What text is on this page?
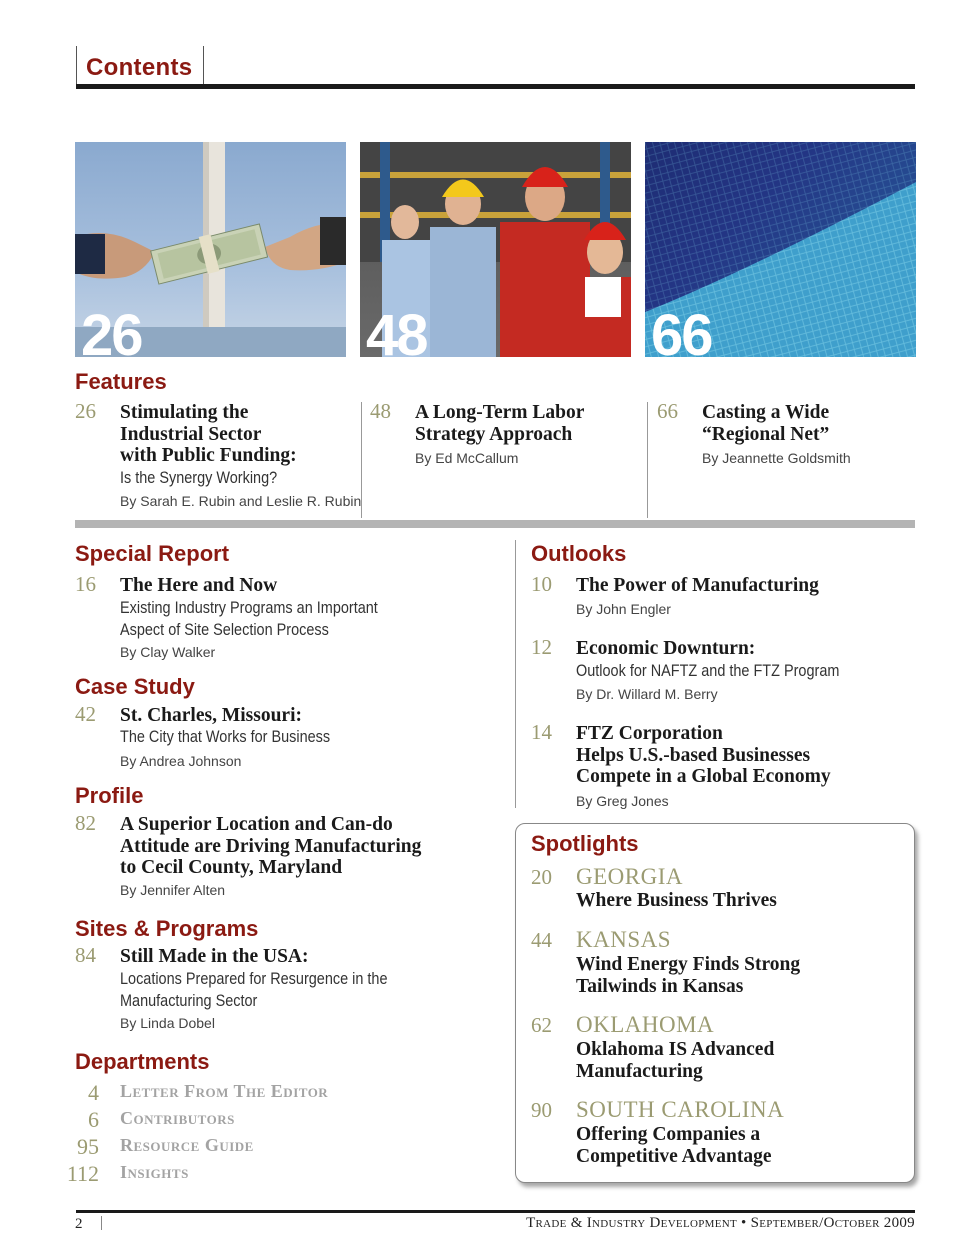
Contents
26	48	66
Features
26 Stimulating the
Industrial Sector
with Public Funding:
Is the Synergy Working?
By Sarah E. Rubin and Leslie R. Rubin
48 A Long-Term Labor
Strategy Approach
By Ed McCallum
66 Casting a Wide
“Regional Net”
By Jeannette Goldsmith
Special Report
16 The Here and Now
Existing Industry Programs an Important
Aspect of Site Selection Process
By Clay Walker
Case Study
42 St. Charles, Missouri:
The City that Works for Business
By Andrea Johnson
Profile
82 A Superior Location and Can-do
Attitude are Driving Manufacturing
to Cecil County, Maryland
By Jennifer Alten
Sites & Programs
84 Still Made in the USA:
Locations Prepared for Resurgence in the
Manufacturing Sector
By Linda Dobel
Departments
4 Letter From The Editor
6 Contributors
95 Resource Guide
112 Insights
Outlooks
10 The Power of Manufacturing
By John Engler
12 Economic Downturn:
Outlook for NAFTZ and the FTZ Program
By Dr. Willard M. Berry
14 FTZ Corporation
Helps U.S.-based Businesses
Compete in a Global Economy
By Greg Jones
Spotlights
20 GEORGIA
Where Business Thrives
44 KANSAS
Wind Energy Finds Strong
Tailwinds in Kansas
62 OKLAHOMA
Oklahoma IS Advanced
Manufacturing
90 SOUTH CAROLINA
Offering Companies a
Competitive Advantage
2	Trade & Industry Development • September/October 2009
